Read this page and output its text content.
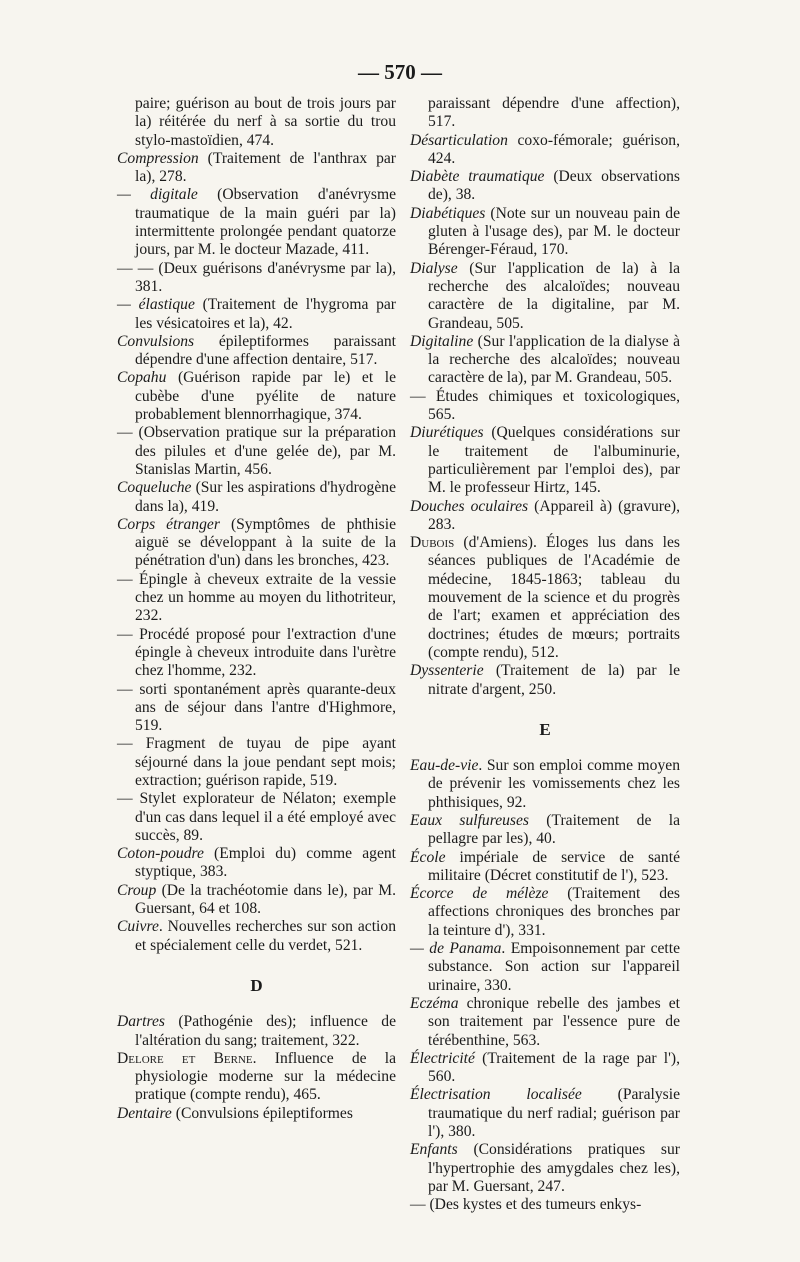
— 570 —

paire; guérison au bout de trois jours par la) réitérée du nerf à sa sortie du trou stylo-mastoïdien, 474.

Compression (Traitement de l'anthrax par la), 278.

— digitale (Observation d'anévrysme traumatique de la main guéri par la) intermittente prolongée pendant quatorze jours, par M. le docteur Mazade, 411.

— — (Deux guérisons d'anévrysme par la), 381.

— élastique (Traitement de l'hygroma par les vésicatoires et la), 42.

Convulsions épileptiformes paraissant dépendre d'une affection dentaire, 517.

Copahu (Guérison rapide par le) et le cubèbe d'une pyélite de nature probablement blennorrhagique, 374.

— (Observation pratique sur la préparation des pilules et d'une gelée de), par M. Stanislas Martin, 456.

Coqueluche (Sur les aspirations d'hydrogène dans la), 419.

Corps étranger (Symptômes de phthisie aiguë se développant à la suite de la pénétration d'un) dans les bronches, 423.

— Épingle à cheveux extraite de la vessie chez un homme au moyen du lithotriteur, 232.

— Procédé proposé pour l'extraction d'une épingle à cheveux introduite dans l'urètre chez l'homme, 232.

— sorti spontanément après quarante-deux ans de séjour dans l'antre d'Highmore, 519.

— Fragment de tuyau de pipe ayant séjourné dans la joue pendant sept mois; extraction; guérison rapide, 519.

— Stylet explorateur de Nélaton; exemple d'un cas dans lequel il a été employé avec succès, 89.

Coton-poudre (Emploi du) comme agent styptique, 383.

Croup (De la trachéotomie dans le), par M. Guersant, 64 et 108.

Cuivre. Nouvelles recherches sur son action et spécialement celle du verdet, 521.

D

Dartres (Pathogénie des); influence de l'altération du sang; traitement, 322.

Delore et Berne. Influence de la physiologie moderne sur la médecine pratique (compte rendu), 465.

Dentaire (Convulsions épileptiformes

paraissant dépendre d'une affection), 517.

Désarticulation coxo-fémorale; guérison, 424.

Diabète traumatique (Deux observations de), 38.

Diabétiques (Note sur un nouveau pain de gluten à l'usage des), par M. le docteur Bérenger-Féraud, 170.

Dialyse (Sur l'application de la) à la recherche des alcaloïdes; nouveau caractère de la digitaline, par M. Grandeau, 505.

Digitaline (Sur l'application de la dialyse à la recherche des alcaloïdes; nouveau caractère de la), par M. Grandeau, 505.

— Études chimiques et toxicologiques, 565.

Diurétiques (Quelques considérations sur le traitement de l'albuminurie, particulièrement par l'emploi des), par M. le professeur Hirtz, 145.

Douches oculaires (Appareil à) (gravure), 283.

Dubois (d'Amiens). Éloges lus dans les séances publiques de l'Académie de médecine, 1845-1863; tableau du mouvement de la science et du progrès de l'art; examen et appréciation des doctrines; études de mœurs; portraits (compte rendu), 512.

Dyssenterie (Traitement de la) par le nitrate d'argent, 250.

E

Eau-de-vie. Sur son emploi comme moyen de prévenir les vomissements chez les phthisiques, 92.

Eaux sulfureuses (Traitement de la pellagre par les), 40.

École impériale de service de santé militaire (Décret constitutif de l'), 523.

Écorce de mélèze (Traitement des affections chroniques des bronches par la teinture d'), 331.

— de Panama. Empoisonnement par cette substance. Son action sur l'appareil urinaire, 330.

Eczéma chronique rebelle des jambes et son traitement par l'essence pure de térébenthine, 563.

Électricité (Traitement de la rage par l'), 560.

Électrisation localisée (Paralysie traumatique du nerf radial; guérison par l'), 380.

Enfants (Considérations pratiques sur l'hypertrophie des amygdales chez les), par M. Guersant, 247.

— (Des kystes et des tumeurs enkys-
